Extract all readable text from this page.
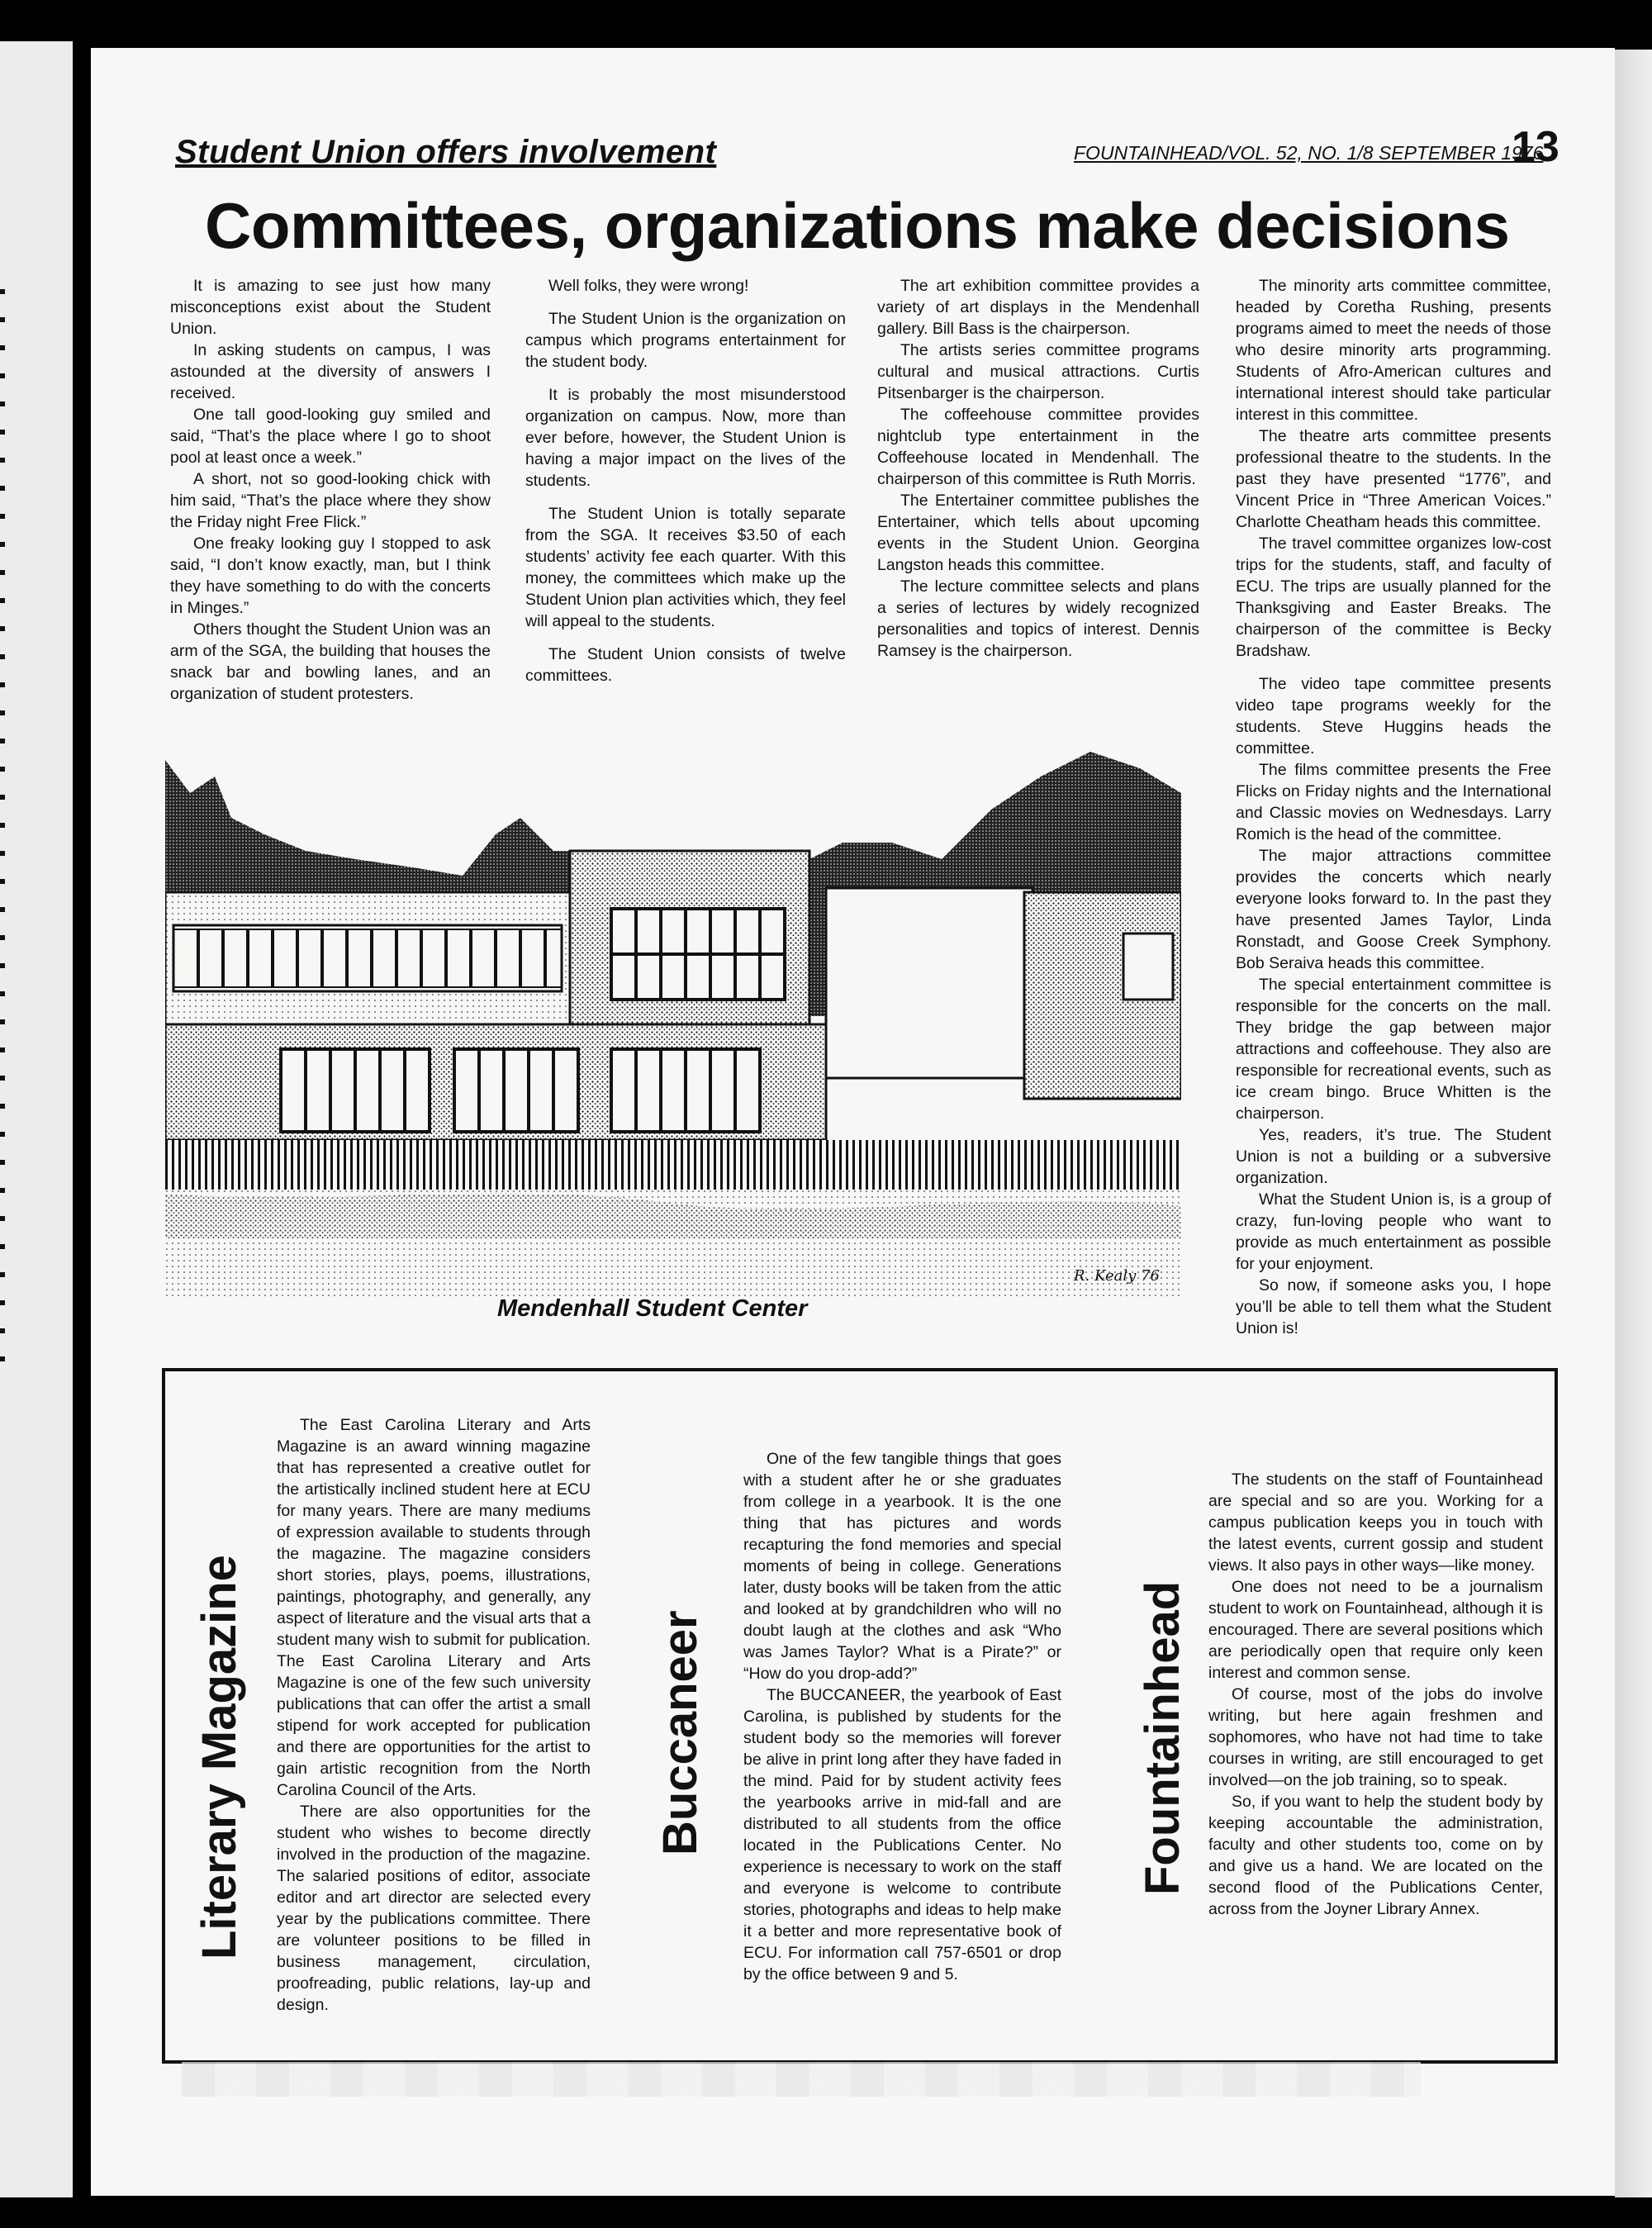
Student Union offers involvement	FOUNTAINHEAD/VOL. 52, NO. 1/8 SEPTEMBER 1976
13
Committees, organizations make decisions

It is amazing to see just how many misconceptions exist about the Student Union.

In asking students on campus, I was astounded at the diversity of answers I received.

One tall good-looking guy smiled and said, “That’s the place where I go to shoot pool at least once a week.”

A short, not so good-looking chick with him said, “That’s the place where they show the Friday night Free Flick.”

One freaky looking guy I stopped to ask said, “I don’t know exactly, man, but I think they have something to do with the concerts in Minges.”

Others thought the Student Union was an arm of the SGA, the building that houses the snack bar and bowling lanes, and an organization of student protesters.

Well folks, they were wrong!

The Student Union is the organization on campus which programs entertainment for the student body.

It is probably the most misunderstood organization on campus. Now, more than ever before, however, the Student Union is having a major impact on the lives of the students.

The Student Union is totally separate from the SGA. It receives $3.50 of each students’ activity fee each quarter. With this money, the committees which make up the Student Union plan activities which, they feel will appeal to the students.

The Student Union consists of twelve committees.

The art exhibition committee provides a variety of art displays in the Mendenhall gallery. Bill Bass is the chairperson.

The artists series committee programs cultural and musical attractions. Curtis Pitsenbarger is the chairperson.

The coffeehouse committee provides nightclub type entertainment in the Coffeehouse located in Mendenhall. The chairperson of this committee is Ruth Morris.

The Entertainer committee publishes the Entertainer, which tells about upcoming events in the Student Union. Georgina Langston heads this committee.

The lecture committee selects and plans a series of lectures by widely recognized personalities and topics of interest. Dennis Ramsey is the chairperson.

The minority arts committee committee, headed by Coretha Rushing, presents programs aimed to meet the needs of those who desire minority arts programming. Students of Afro-American cultures and international interest should take particular interest in this committee.

The theatre arts committee presents professional theatre to the students. In the past they have presented “1776”, and Vincent Price in “Three American Voices.” Charlotte Cheatham heads this committee.

The travel committee organizes low-cost trips for the students, staff, and faculty of ECU. The trips are usually planned for the Thanksgiving and Easter Breaks. The chairperson of the committee is Becky Bradshaw.

The video tape committee presents video tape programs weekly for the students. Steve Huggins heads the committee.

The films committee presents the Free Flicks on Friday nights and the International and Classic movies on Wednesdays. Larry Romich is the head of the committee.

The major attractions committee provides the concerts which nearly everyone looks forward to. In the past they have presented James Taylor, Linda Ronstadt, and Goose Creek Symphony. Bob Seraiva heads this committee.

The special entertainment committee is responsible for the concerts on the mall. They bridge the gap between major attractions and coffeehouse. They also are responsible for recreational events, such as ice cream bingo. Bruce Whitten is the chairperson.

Yes, readers, it’s true. The Student Union is not a building or a subversive organization.

What the Student Union is, is a group of crazy, fun-loving people who want to provide as much entertainment as possible for your enjoyment.

So now, if someone asks you, I hope you’ll be able to tell them what the Student Union is!

R. Kealy 76
Mendenhall Student Center
Literary Magazine

The East Carolina Literary and Arts Magazine is an award winning magazine that has represented a creative outlet for the artistically inclined student here at ECU for many years. There are many mediums of expression available to students through the magazine. The magazine considers short stories, plays, poems, illustrations, paintings, photography, and generally, any aspect of literature and the visual arts that a student many wish to submit for publication. The East Carolina Literary and Arts Magazine is one of the few such university publications that can offer the artist a small stipend for work accepted for publication and there are opportunities for the artist to gain artistic recognition from the North Carolina Council of the Arts.

There are also opportunities for the student who wishes to become directly involved in the production of the magazine. The salaried positions of editor, associate editor and art director are selected every year by the publications committee. There are volunteer positions to be filled in business management, circulation, proofreading, public relations, lay-up and design.

Buccaneer

One of the few tangible things that goes with a student after he or she graduates from college in a yearbook. It is the one thing that has pictures and words recapturing the fond memories and special moments of being in college. Generations later, dusty books will be taken from the attic and looked at by grandchildren who will no doubt laugh at the clothes and ask “Who was James Taylor? What is a Pirate?” or “How do you drop-add?”

The BUCCANEER, the yearbook of East Carolina, is published by students for the student body so the memories will forever be alive in print long after they have faded in the mind. Paid for by student activity fees the yearbooks arrive in mid-fall and are distributed to all students from the office located in the Publications Center. No experience is necessary to work on the staff and everyone is welcome to contribute stories, photographs and ideas to help make it a better and more representative book of ECU. For information call 757-6501 or drop by the office between 9 and 5.

Fountainhead

The students on the staff of Fountainhead are special and so are you. Working for a campus publication keeps you in touch with the latest events, current gossip and student views. It also pays in other ways—like money.

One does not need to be a journalism student to work on Fountainhead, although it is encouraged. There are several positions which are periodically open that require only keen interest and common sense.

Of course, most of the jobs do involve writing, but here again freshmen and sophomores, who have not had time to take courses in writing, are still encouraged to get involved—on the job training, so to speak.

So, if you want to help the student body by keeping accountable the administration, faculty and other students too, come on by and give us a hand. We are located on the second flood of the Publications Center, across from the Joyner Library Annex.
